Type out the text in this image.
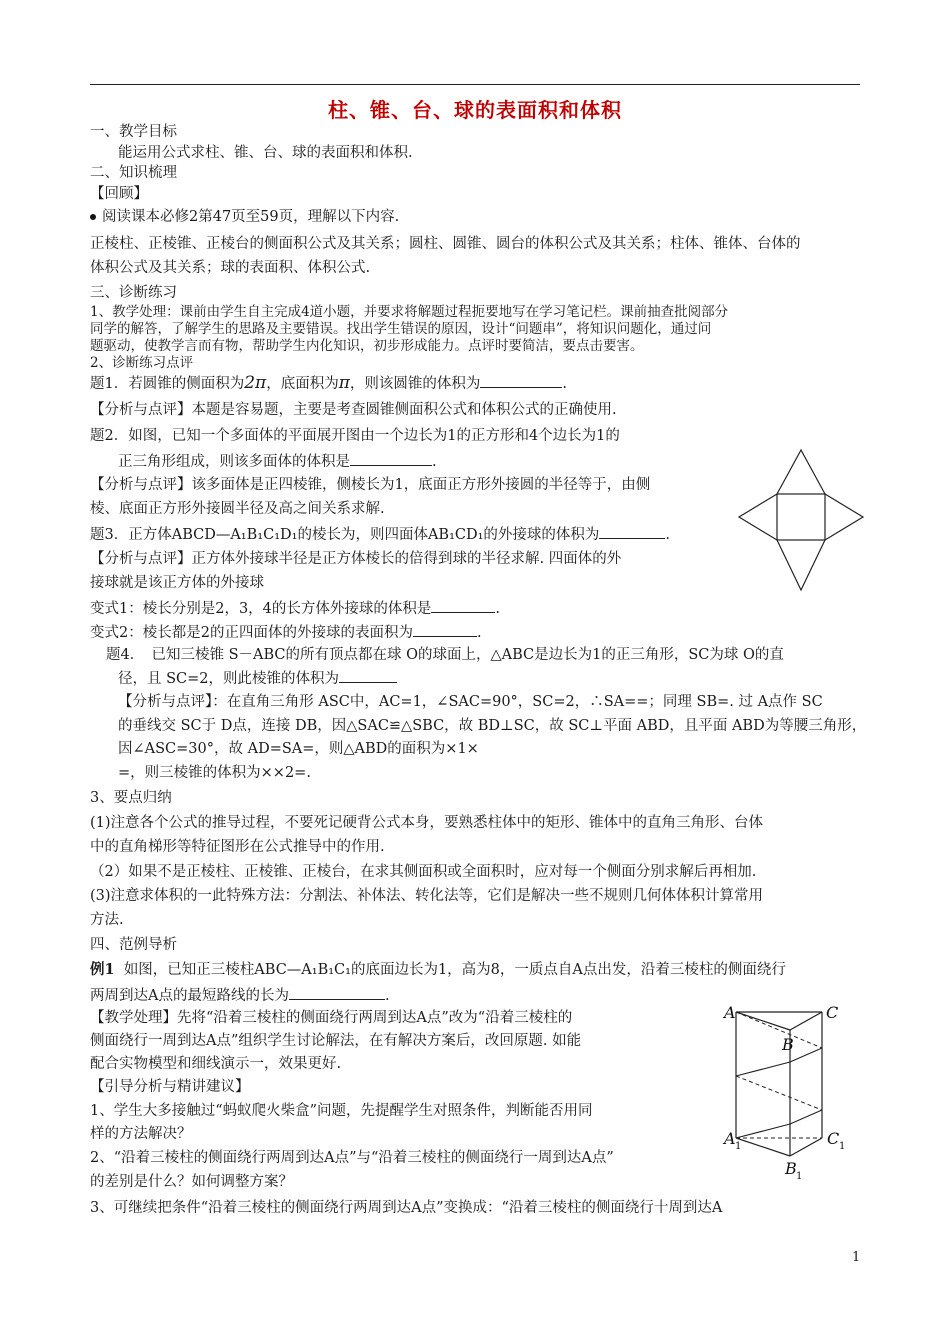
柱、锥、台、球的表面积和体积
一、教学目标
能运用公式求柱、锥、台、球的表面积和体积.
二、知识梳理
【回顾】
阅读课本必修2第47页至59页，理解以下内容.
正棱柱、正棱锥、正棱台的侧面积公式及其关系；圆柱、圆锥、圆台的体积公式及其关系；柱体、锥体、台体的
体积公式及其关系；球的表面积、体积公式.
三、诊断练习
1、教学处理：课前由学生自主完成4道小题，并要求将解题过程扼要地写在学习笔记栏。课前抽查批阅部分
同学的解答，了解学生的思路及主要错误。找出学生错误的原因，设计“问题串”，将知识问题化，通过问
题驱动，使教学言而有物，帮助学生内化知识，初步形成能力。点评时要简洁，要点击要害。
2、诊断练习点评
题1．若圆锥的侧面积为2π，底面积为π，则该圆锥的体积为	.
【分析与点评】本题是容易题，主要是考查圆锥侧面积公式和体积公式的正确使用.
题2．如图，已知一个多面体的平面展开图由一个边长为1的正方形和4个边长为1的
正三角形组成，则该多面体的体积是	.
【分析与点评】该多面体是正四棱锥，侧棱长为1，底面正方形外接圆的半径等于，由侧
棱、底面正方形外接圆半径及高之间关系求解.
题3．正方体ABCD—A₁B₁C₁D₁的棱长为，则四面体AB₁CD₁的外接球的体积为	.
【分析与点评】正方体外接球半径是正方体棱长的倍得到球的半径求解. 四面体的外
接球就是该正方体的外接球
变式1：棱长分别是2，3，4的长方体外接球的体积是	.
变式2：棱长都是2的正四面体的外接球的表面积为	.
题4．　已知三棱锥 S－ABC的所有顶点都在球 O的球面上，△ABC是边长为1的正三角形，SC为球 O的直
径，且 SC=2，则此棱锥的体积为
【分析与点评】：在直角三角形 ASC中，AC=1，∠SAC=90°，SC=2，∴SA==；同理 SB=. 过 A点作 SC
的垂线交 SC于 D点，连接 DB，因△SAC≌△SBC，故 BD⊥SC，故 SC⊥平面 ABD，且平面 ABD为等腰三角形，
因∠ASC=30°，故 AD=SA=，则△ABD的面积为×1×
=，则三棱锥的体积为××2=.
3、要点归纳
(1)注意各个公式的推导过程，不要死记硬背公式本身，要熟悉柱体中的矩形、锥体中的直角三角形、台体
中的直角梯形等特征图形在公式推导中的作用.
（2）如果不是正棱柱、正棱锥、正棱台，在求其侧面积或全面积时，应对每一个侧面分别求解后再相加.
(3)注意求体积的一此特殊方法：分割法、补体法、转化法等，它们是解决一些不规则几何体体积计算常用
方法.
四、范例导析
例1 如图，已知正三棱柱ABC—A₁B₁C₁的底面边长为1，高为8，一质点自A点出发，沿着三棱柱的侧面绕行
两周到达A点的最短路线的长为	.
【教学处理】先将“沿着三棱柱的侧面绕行两周到达A点”改为“沿着三棱柱的
侧面绕行一周到达A点”组织学生讨论解法，在有解决方案后，改回原题. 如能
配合实物模型和细线演示一，效果更好.
【引导分析与精讲建议】
1、学生大多接触过“蚂蚁爬火柴盒”问题，先提醒学生对照条件，判断能否用同
样的方法解决？
2、“沿着三棱柱的侧面绕行两周到达A点”与“沿着三棱柱的侧面绕行一周到达A点”
的差别是什么？如何调整方案？
3、可继续把条件“沿着三棱柱的侧面绕行两周到达A点”变换成：“沿着三棱柱的侧面绕行十周到达A
A	C
B
A 1	C 1
B 1
1
